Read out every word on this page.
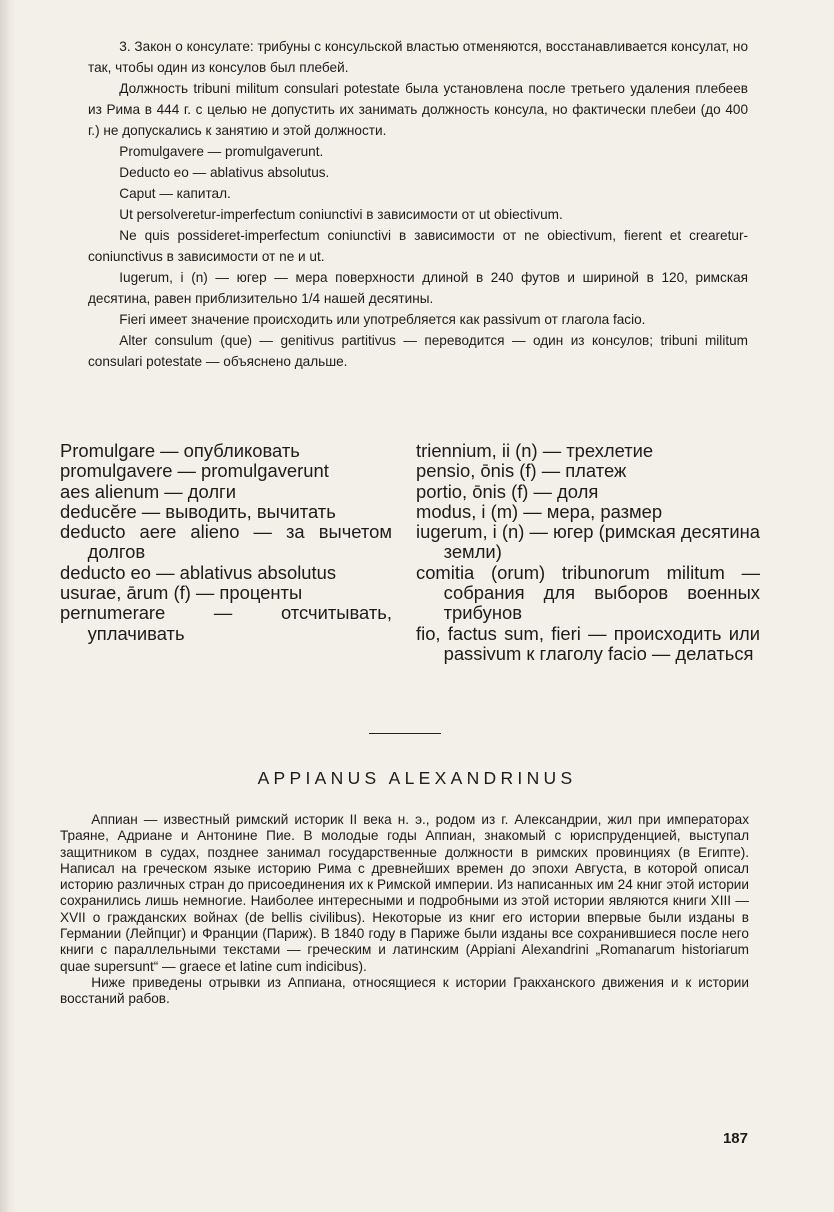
3. Закон о консулате: трибуны с консульской властью отменяются, восстанавливается консулат, но так, чтобы один из консулов был плебей.

Должность tribuni militum consulari potestate была установлена после третьего удаления плебеев из Рима в 444 г. с целью не допустить их занимать должность консула, но фактически плебеи (до 400 г.) не допускались к занятию и этой должности.

Promulgavere — promulgaverunt.

Deducto eo — ablativus absolutus.

Caput — капитал.

Ut persolveretur-imperfectum coniunctivi в зависимости от ut obiectivum.

Ne quis possideret-imperfectum coniunctivi в зависимости от ne obiectivum, fierent et crearetur-coniunctivus в зависимости от ne и ut.

Iugerum, i (n) — югер — мера поверхности длиной в 240 футов и шириной в 120, римская десятина, равен приблизительно 1/4 нашей десятины.

Fieri имеет значение происходить или употребляется как passivum от глагола facio.

Alter consulum (que) — genitivus partitivus — переводится — один из консулов; tribuni militum consulari potestate — объяснено дальше.

Promulgare — опубликовать
promulgavere — promulgaverunt
aes alienum — долги
deducĕre — выводить, вычитать
deducto aere alieno — за вычетом долгов
deducto eo — ablativus absolutus
usurae, ārum (f) — проценты
pernumerare — отсчитывать, уплачивать
triennium, ii (n) — трехлетие
pensio, ōnis (f) — платеж
portio, ōnis (f) — доля
modus, i (m) — мера, размер
iugerum, i (n) — югер (римская десятина земли)
comitia (orum) tribunorum militum — собрания для выборов военных трибунов
fio, factus sum, fieri — происходить или passivum к глаголу facio — делаться
APPIANUS ALEXANDRINUS

Аппиан — известный римский историк II века н. э., родом из г. Александрии, жил при императорах Траяне, Адриане и Антонине Пие. В молодые годы Аппиан, знакомый с юриспруденцией, выступал защитником в судах, позднее занимал государственные должности в римских провинциях (в Египте). Написал на греческом языке историю Рима с древнейших времен до эпохи Августа, в которой описал историю различных стран до присоединения их к Римской империи. Из написанных им 24 книг этой истории сохранились лишь немногие. Наиболее интересными и подробными из этой истории являются книги XIII — XVII о гражданских войнах (de bellis civilibus). Некоторые из книг его истории впервые были изданы в Германии (Лейпциг) и Франции (Париж). В 1840 году в Париже были изданы все сохранившиеся после него книги с параллельными текстами — греческим и латинским (Appiani Alexandrini „Romanarum historiarum quae supersunt“ — graece et latine cum indicibus).

Ниже приведены отрывки из Аппиана, относящиеся к истории Гракханского движения и к истории восстаний рабов.

187
